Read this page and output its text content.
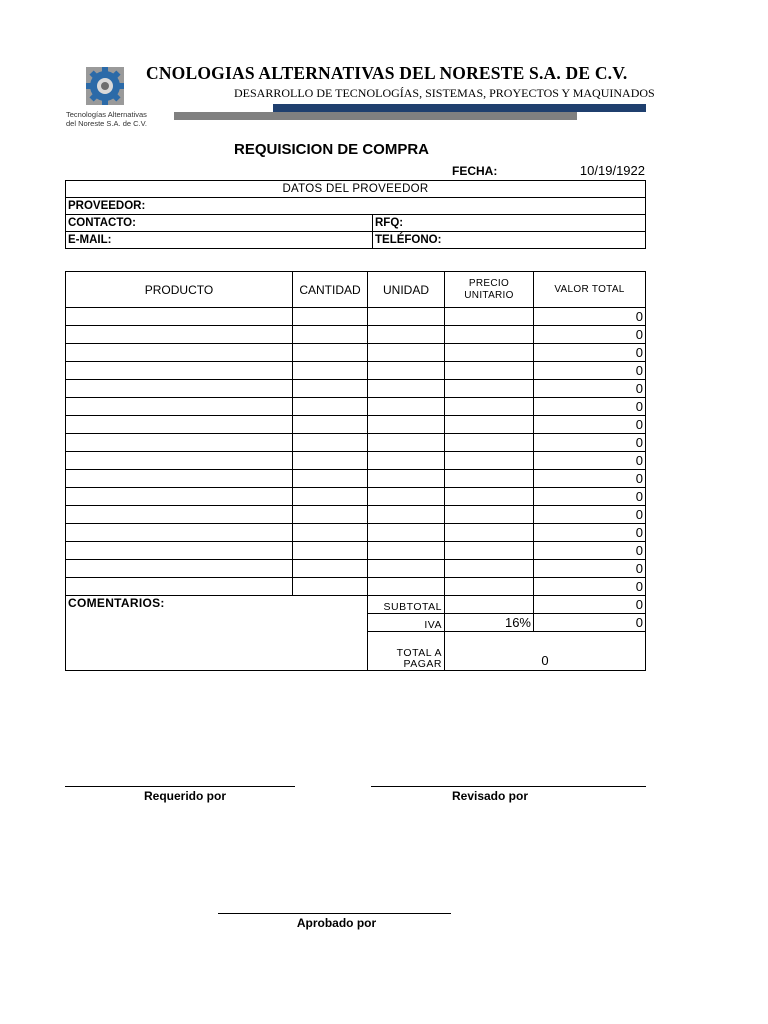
Tecnologías Alternativas
del Noreste S.A. de C.V.
CNOLOGIAS ALTERNATIVAS DEL NORESTE S.A. DE C.V.
DESARROLLO DE TECNOLOGÍAS, SISTEMAS, PROYECTOS Y MAQUINADOS
REQUISICION DE COMPRA
FECHA:	10/19/1922
DATOS DEL PROVEEDOR	
PROVEEDOR:	
CONTACTO:	RFQ:
E-MAIL:	TELÉFONO:
PRODUCTO	CANTIDAD	UNIDAD	PRECIO UNITARIO	VALOR TOTAL
				0
				0
				0
				0
				0
				0
				0
				0
				0
				0
				0
				0
				0
				0
				0
				0
COMENTARIOS:		SUBTOTAL		0
		IVA	16%	0
		TOTAL A PAGAR	0	
Requerido por	Revisado por
Aprobado por
